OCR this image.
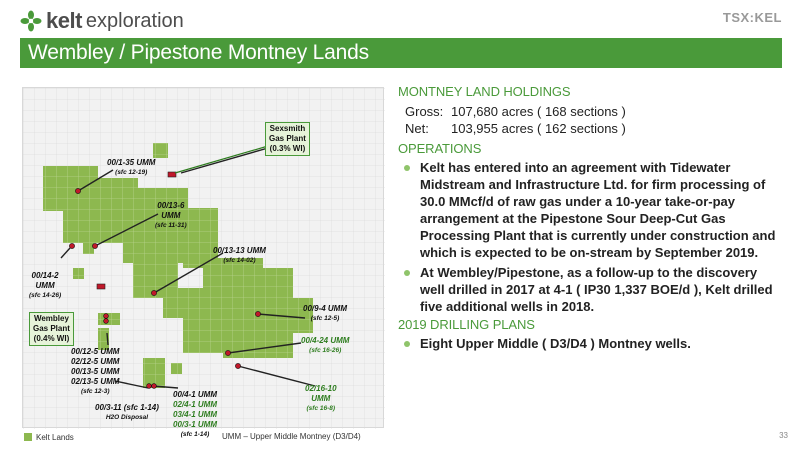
kelt exploration	TSX:KEL
Wembley / Pipestone Montney Lands
Sexsmith
Gas Plant
(0.3% WI)
Wembley
Gas Plant
(0.4% WI)
00/1-35 UMM
(sfc 12-19)
00/13-6
UMM
(sfc 11-31)
00/13-13 UMM
(sfc 14-02)
00/14-2
UMM
(sfc 14-26)
00/9-4 UMM
(sfc 12-5)
00/4-24 UMM
(sfc 16-26)
00/12-5 UMM
02/12-5 UMM
00/13-5 UMM
02/13-5 UMM
(sfc 12-3)	02/16-10
UMM
(sfc 16-8)
00/4-1 UMM
02/4-1 UMM
03/4-1 UMM
00/3-1 UMM
(sfc 1-14)
00/3-11 (sfc 1-14)

H2O Disposal
Kelt Lands	UMM – Upper Middle Montney (D3/D4)
MONTNEY LAND HOLDINGS
Gross: 107,680 acres ( 168 sections )
Net:	103,955 acres ( 162 sections )
OPERATIONS
Kelt has entered into an agreement with Tidewater Midstream and Infrastructure Ltd. for firm processing of 30.0 MMcf/d of raw gas under a 10-year take-or-pay arrangement at the Pipestone Sour Deep-Cut Gas Processing Plant that is currently under construction and which is expected to be on-stream by September 2019.
At Wembley/Pipestone, as a follow-up to the discovery well drilled in 2017 at 4-1 ( IP30 1,337 BOE/d ), Kelt drilled five additional wells in 2018.
2019 DRILLING PLANS
Eight Upper Middle ( D3/D4 ) Montney wells.
33
